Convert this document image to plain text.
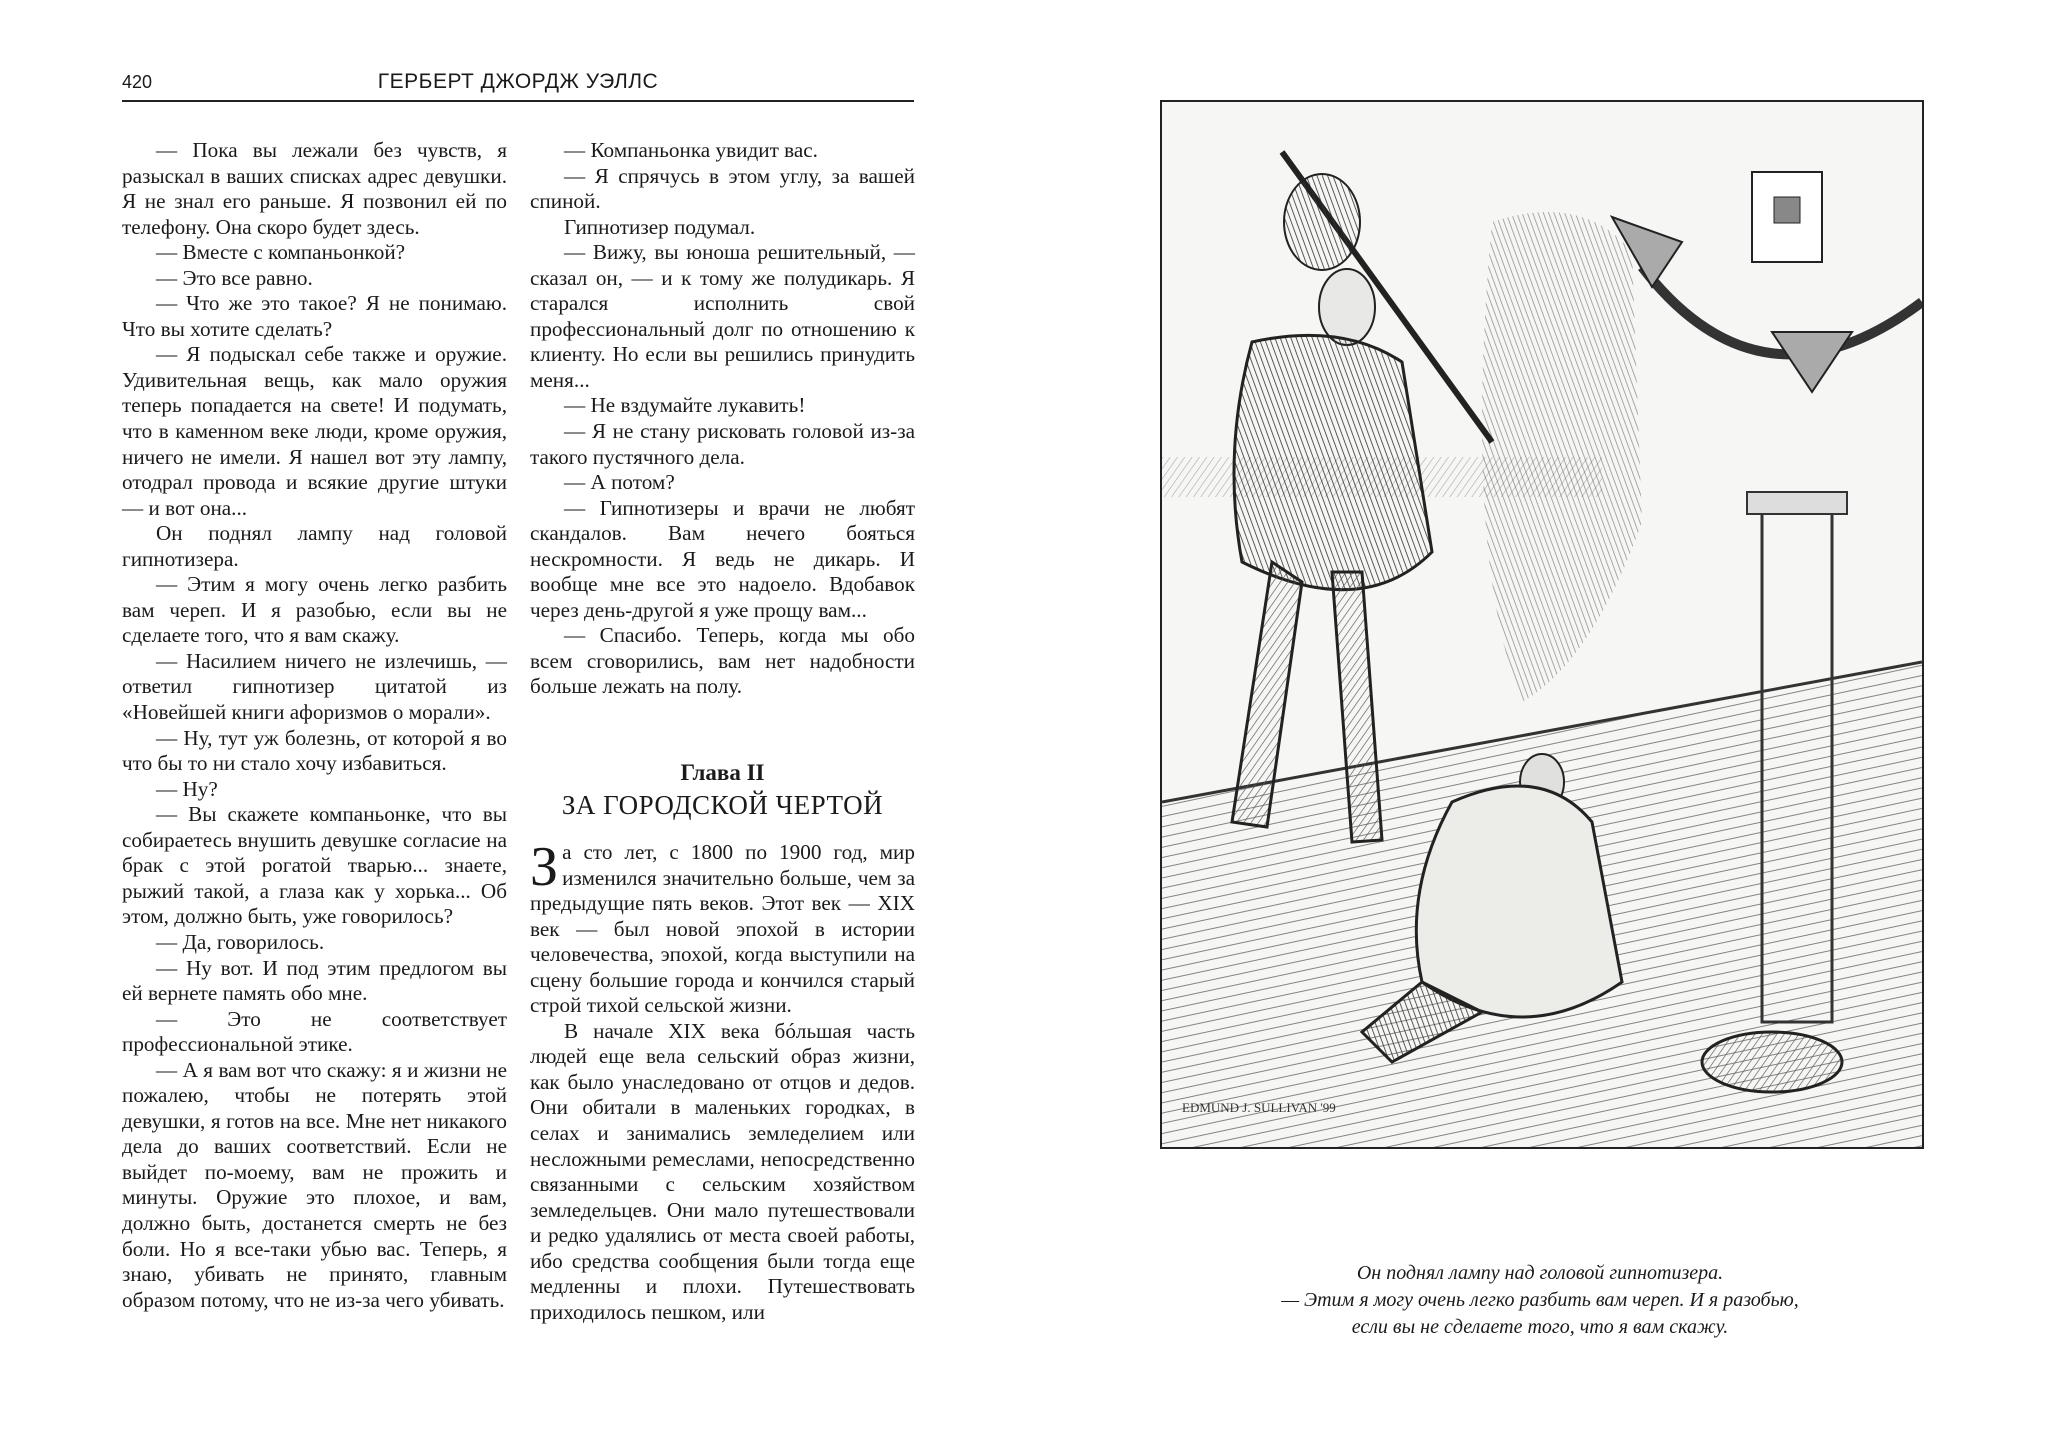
420	ГЕРБЕРТ ДЖОРДЖ УЭЛЛС

— Пока вы лежали без чувств, я разыскал в ваших списках адрес девушки. Я не знал его раньше. Я позвонил ей по телефону. Она скоро будет здесь.

— Вместе с компаньонкой?

— Это все равно.

— Что же это такое? Я не понимаю. Что вы хотите сделать?

— Я подыскал себе также и оружие. Удивительная вещь, как мало оружия теперь попадается на свете! И подумать, что в каменном веке люди, кроме оружия, ничего не имели. Я нашел вот эту лампу, отодрал провода и всякие другие штуки — и вот она...

Он поднял лампу над головой гипнотизера.

— Этим я могу очень легко разбить вам череп. И я разобью, если вы не сделаете того, что я вам скажу.

— Насилием ничего не излечишь, — ответил гипнотизер цитатой из «Новейшей книги афоризмов о морали».

— Ну, тут уж болезнь, от которой я во что бы то ни стало хочу избавиться.

— Ну?

— Вы скажете компаньонке, что вы собираетесь внушить девушке согласие на брак с этой рогатой тварью... знаете, рыжий такой, а глаза как у хорька... Об этом, должно быть, уже говорилось?

— Да, говорилось.

— Ну вот. И под этим предлогом вы ей вернете память обо мне.

— Это не соответствует профессиональной этике.

— А я вам вот что скажу: я и жизни не пожалею, чтобы не потерять этой девушки, я готов на все. Мне нет никакого дела до ваших соответствий. Если не выйдет по-моему, вам не прожить и минуты. Оружие это плохое, и вам, должно быть, достанется смерть не без боли. Но я все-таки убью вас. Теперь, я знаю, убивать не принято, главным образом потому, что не из-за чего убивать.

— Компаньонка увидит вас.

— Я спрячусь в этом углу, за вашей спиной.

Гипнотизер подумал.

— Вижу, вы юноша решительный, — сказал он, — и к тому же полудикарь. Я старался исполнить свой профессиональный долг по отношению к клиенту. Но если вы решились принудить меня...

— Не вздумайте лукавить!

— Я не стану рисковать головой из-за такого пустячного дела.

— А потом?

— Гипнотизеры и врачи не любят скандалов. Вам нечего бояться нескромности. Я ведь не дикарь. И вообще мне все это надоело. Вдобавок через день-другой я уже прощу вам...

— Спасибо. Теперь, когда мы обо всем сговорились, вам нет надобности больше лежать на полу.

Глава II
ЗА ГОРОДСКОЙ ЧЕРТОЙ

За сто лет, с 1800 по 1900 год, мир изменился значительно больше, чем за предыдущие пять веков. Этот век — XIX век — был новой эпохой в истории человечества, эпохой, когда выступили на сцену большие города и кончился старый строй тихой сельской жизни.

В начале XIX века бóльшая часть людей еще вела сельский образ жизни, как было унаследовано от отцов и дедов. Они обитали в маленьких городках, в селах и занимались земледелием или несложными ремеслами, непосредственно связанными с сельским хозяйством земледельцев. Они мало путешествовали и редко удалялись от места своей работы, ибо средства сообщения были тогда еще медленны и плохи. Путешествовать приходилось пешком, или

EDMUND J. SULLIVAN '99
Он поднял лампу над головой гипнотизера.
— Этим я могу очень легко разбить вам череп. И я разобью,
если вы не сделаете того, что я вам скажу.
